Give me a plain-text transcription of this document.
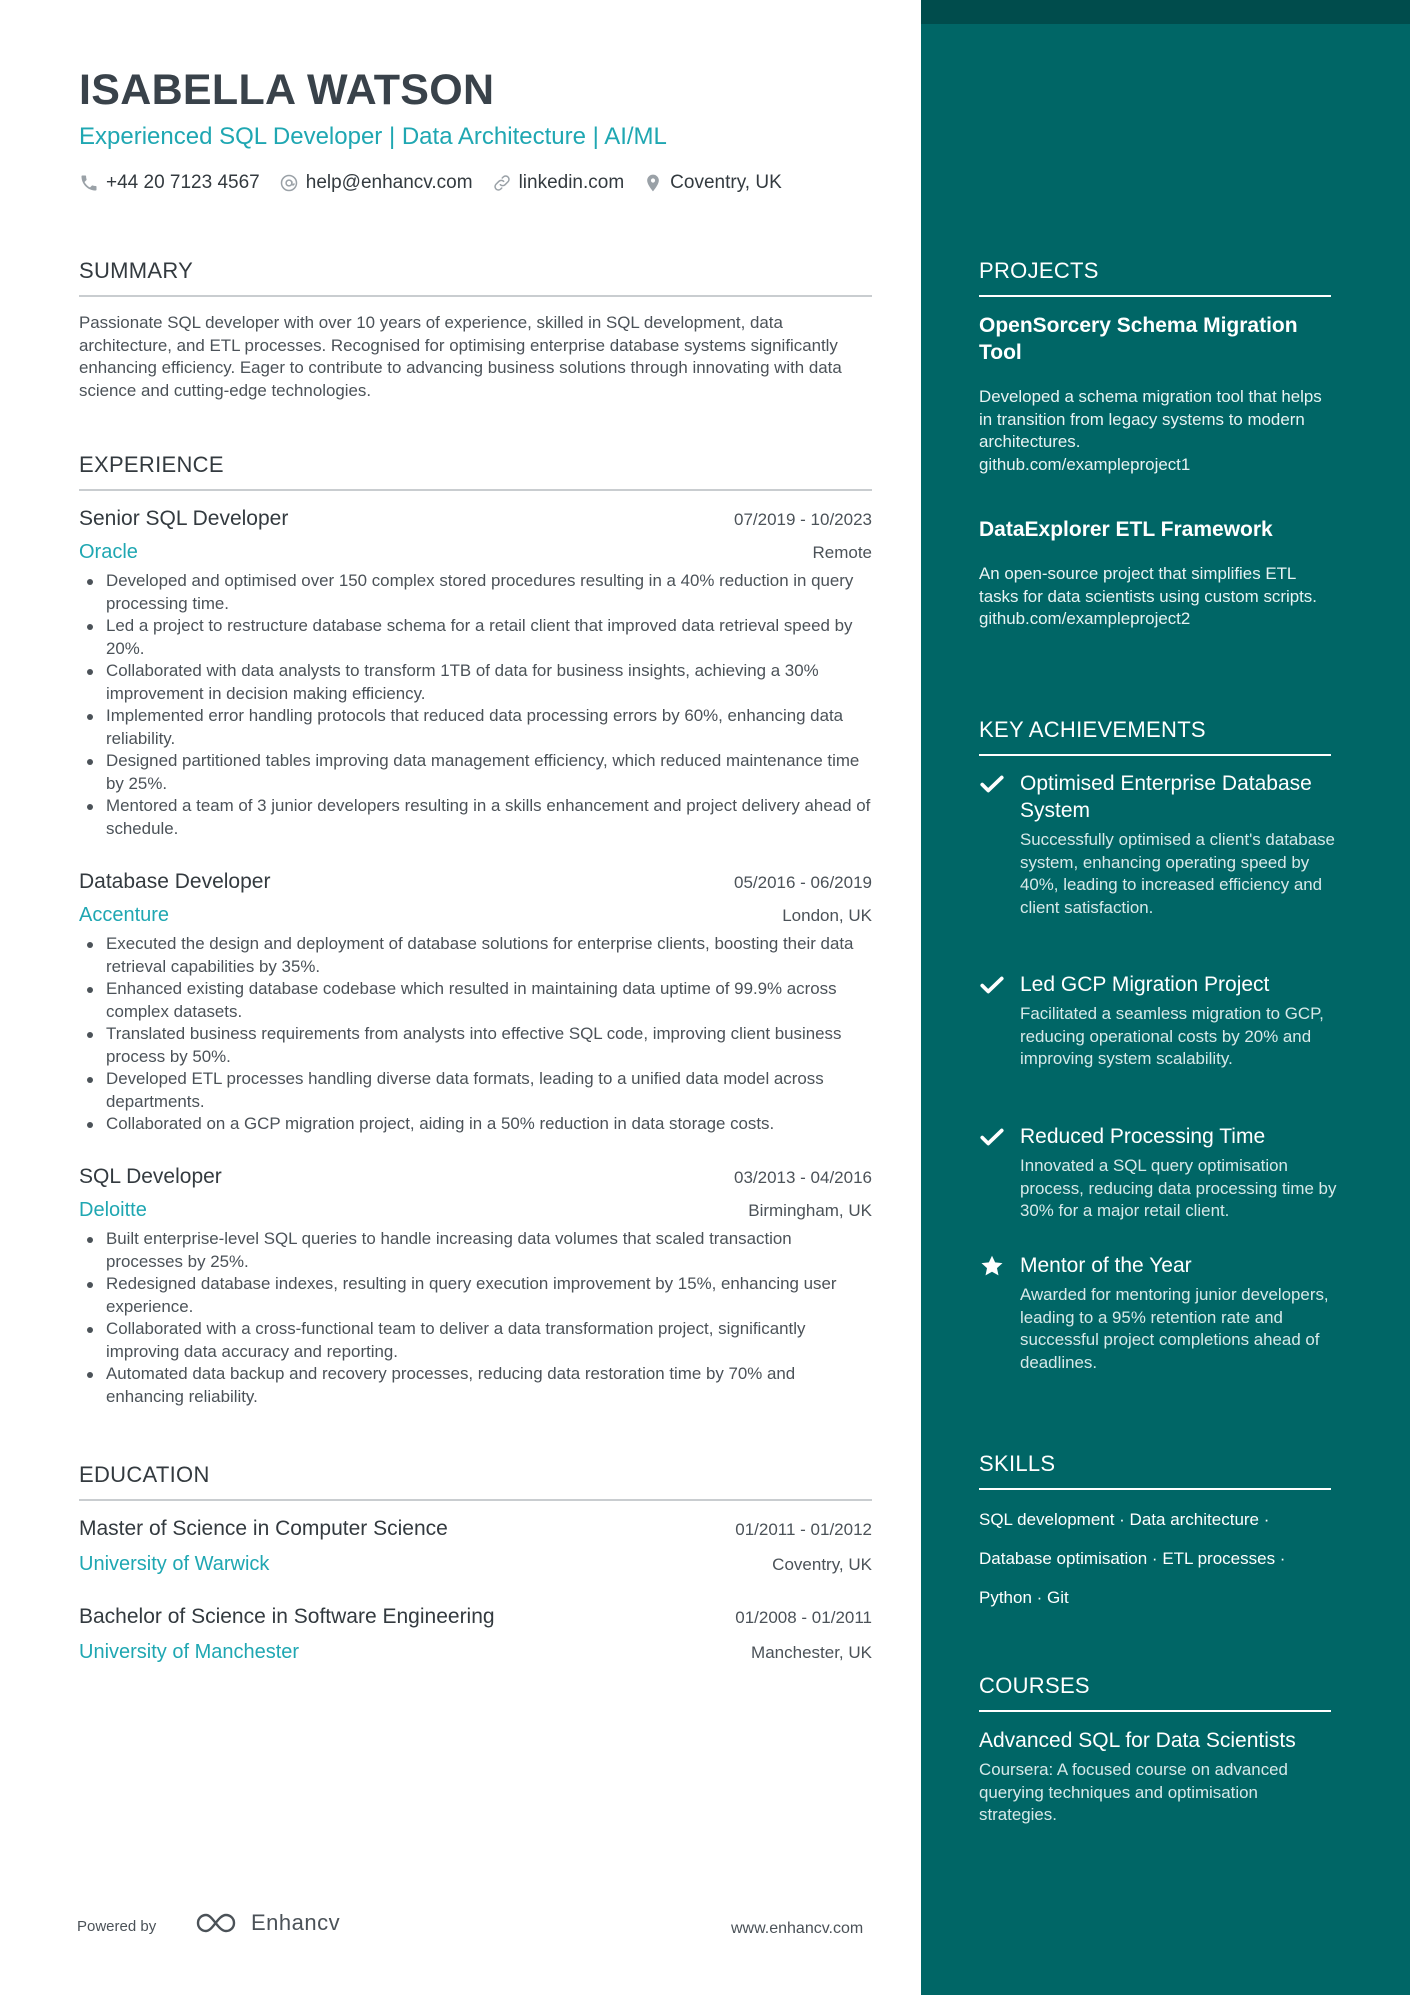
ISABELLA WATSON
Experienced SQL Developer | Data Architecture | AI/ML
+44 20 7123 4567 help@enhancv.com linkedin.com Coventry, UK
SUMMARY
Passionate SQL developer with over 10 years of experience, skilled in SQL development, data architecture, and ETL processes. Recognised for optimising enterprise database systems significantly enhancing efficiency. Eager to contribute to advancing business solutions through innovating with data science and cutting-edge technologies.
EXPERIENCE
Senior SQL Developer	07/2019 - 10/2023
Oracle	Remote
Developed and optimised over 150 complex stored procedures resulting in a 40% reduction in query processing time.
Led a project to restructure database schema for a retail client that improved data retrieval speed by 20%.
Collaborated with data analysts to transform 1TB of data for business insights, achieving a 30% improvement in decision making efficiency.
Implemented error handling protocols that reduced data processing errors by 60%, enhancing data reliability.
Designed partitioned tables improving data management efficiency, which reduced maintenance time by 25%.
Mentored a team of 3 junior developers resulting in a skills enhancement and project delivery ahead of schedule.
Database Developer	05/2016 - 06/2019
Accenture	London, UK
Executed the design and deployment of database solutions for enterprise clients, boosting their data retrieval capabilities by 35%.
Enhanced existing database codebase which resulted in maintaining data uptime of 99.9% across complex datasets.
Translated business requirements from analysts into effective SQL code, improving client business process by 50%.
Developed ETL processes handling diverse data formats, leading to a unified data model across departments.
Collaborated on a GCP migration project, aiding in a 50% reduction in data storage costs.
SQL Developer	03/2013 - 04/2016
Deloitte	Birmingham, UK
Built enterprise-level SQL queries to handle increasing data volumes that scaled transaction processes by 25%.
Redesigned database indexes, resulting in query execution improvement by 15%, enhancing user experience.
Collaborated with a cross-functional team to deliver a data transformation project, significantly improving data accuracy and reporting.
Automated data backup and recovery processes, reducing data restoration time by 70% and enhancing reliability.
EDUCATION
Master of Science in Computer Science	01/2011 - 01/2012
University of Warwick	Coventry, UK
Bachelor of Science in Software Engineering	01/2008 - 01/2011
University of Manchester	Manchester, UK
Powered by	Enhancv	www.enhancv.com
PROJECTS
OpenSorcery Schema Migration Tool
Developed a schema migration tool that helps in transition from legacy systems to modern architectures.
github.com/exampleproject1
DataExplorer ETL Framework
An open-source project that simplifies ETL tasks for data scientists using custom scripts.
github.com/exampleproject2
KEY ACHIEVEMENTS
Optimised Enterprise Database System
Successfully optimised a client's database system, enhancing operating speed by 40%, leading to increased efficiency and client satisfaction.
Led GCP Migration Project
Facilitated a seamless migration to GCP, reducing operational costs by 20% and improving system scalability.
Reduced Processing Time
Innovated a SQL query optimisation process, reducing data processing time by 30% for a major retail client.
Mentor of the Year
Awarded for mentoring junior developers, leading to a 95% retention rate and successful project completions ahead of deadlines.
SKILLS
SQL development · Data architecture ·
Database optimisation · ETL processes ·
Python · Git
COURSES
Advanced SQL for Data Scientists
Coursera: A focused course on advanced querying techniques and optimisation strategies.
